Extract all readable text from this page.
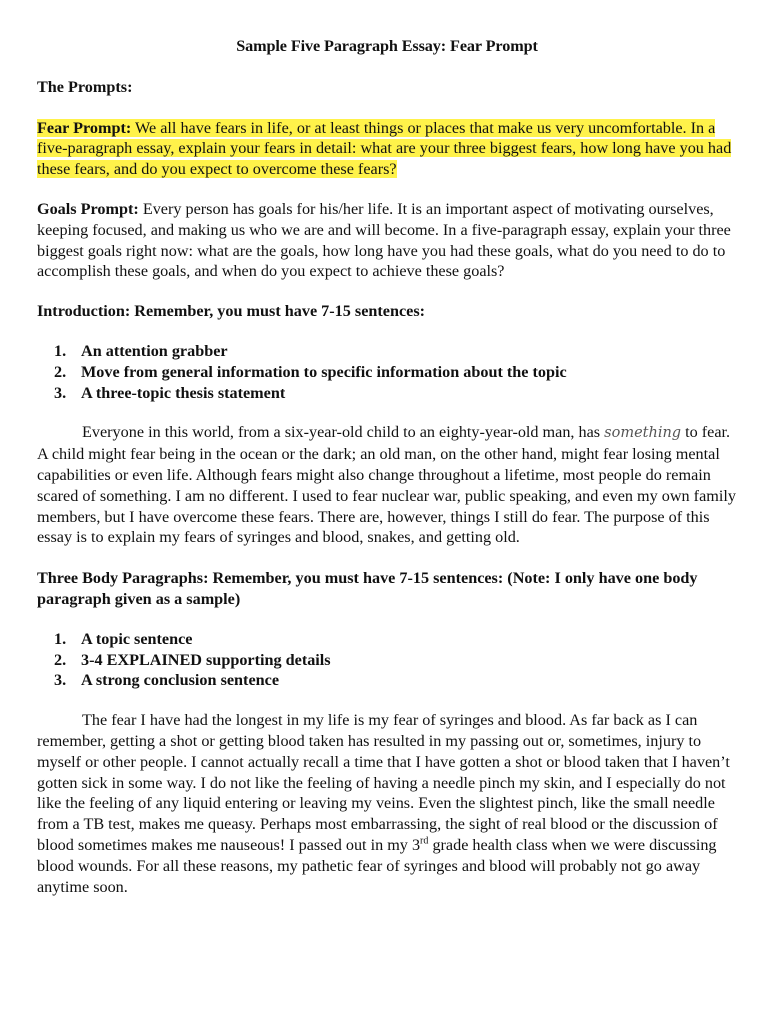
Sample Five Paragraph Essay: Fear Prompt
The Prompts:
Fear Prompt: We all have fears in life, or at least things or places that make us very uncomfortable. In a five-paragraph essay, explain your fears in detail: what are your three biggest fears, how long have you had these fears, and do you expect to overcome these fears?
Goals Prompt: Every person has goals for his/her life. It is an important aspect of motivating ourselves, keeping focused, and making us who we are and will become. In a five-paragraph essay, explain your three biggest goals right now: what are the goals, how long have you had these goals, what do you need to do to accomplish these goals, and when do you expect to achieve these goals?
Introduction: Remember, you must have 7-15 sentences:
1. An attention grabber
2. Move from general information to specific information about the topic
3. A three-topic thesis statement
Everyone in this world, from a six-year-old child to an eighty-year-old man, has something to fear. A child might fear being in the ocean or the dark; an old man, on the other hand, might fear losing mental capabilities or even life. Although fears might also change throughout a lifetime, most people do remain scared of something. I am no different. I used to fear nuclear war, public speaking, and even my own family members, but I have overcome these fears. There are, however, things I still do fear. The purpose of this essay is to explain my fears of syringes and blood, snakes, and getting old.
Three Body Paragraphs: Remember, you must have 7-15 sentences: (Note: I only have one body paragraph given as a sample)
1. A topic sentence
2. 3-4 EXPLAINED supporting details
3. A strong conclusion sentence
The fear I have had the longest in my life is my fear of syringes and blood. As far back as I can remember, getting a shot or getting blood taken has resulted in my passing out or, sometimes, injury to myself or other people. I cannot actually recall a time that I have gotten a shot or blood taken that I haven’t gotten sick in some way. I do not like the feeling of having a needle pinch my skin, and I especially do not like the feeling of any liquid entering or leaving my veins. Even the slightest pinch, like the small needle from a TB test, makes me queasy. Perhaps most embarrassing, the sight of real blood or the discussion of blood sometimes makes me nauseous! I passed out in my 3rd grade health class when we were discussing blood wounds. For all these reasons, my pathetic fear of syringes and blood will probably not go away anytime soon.
